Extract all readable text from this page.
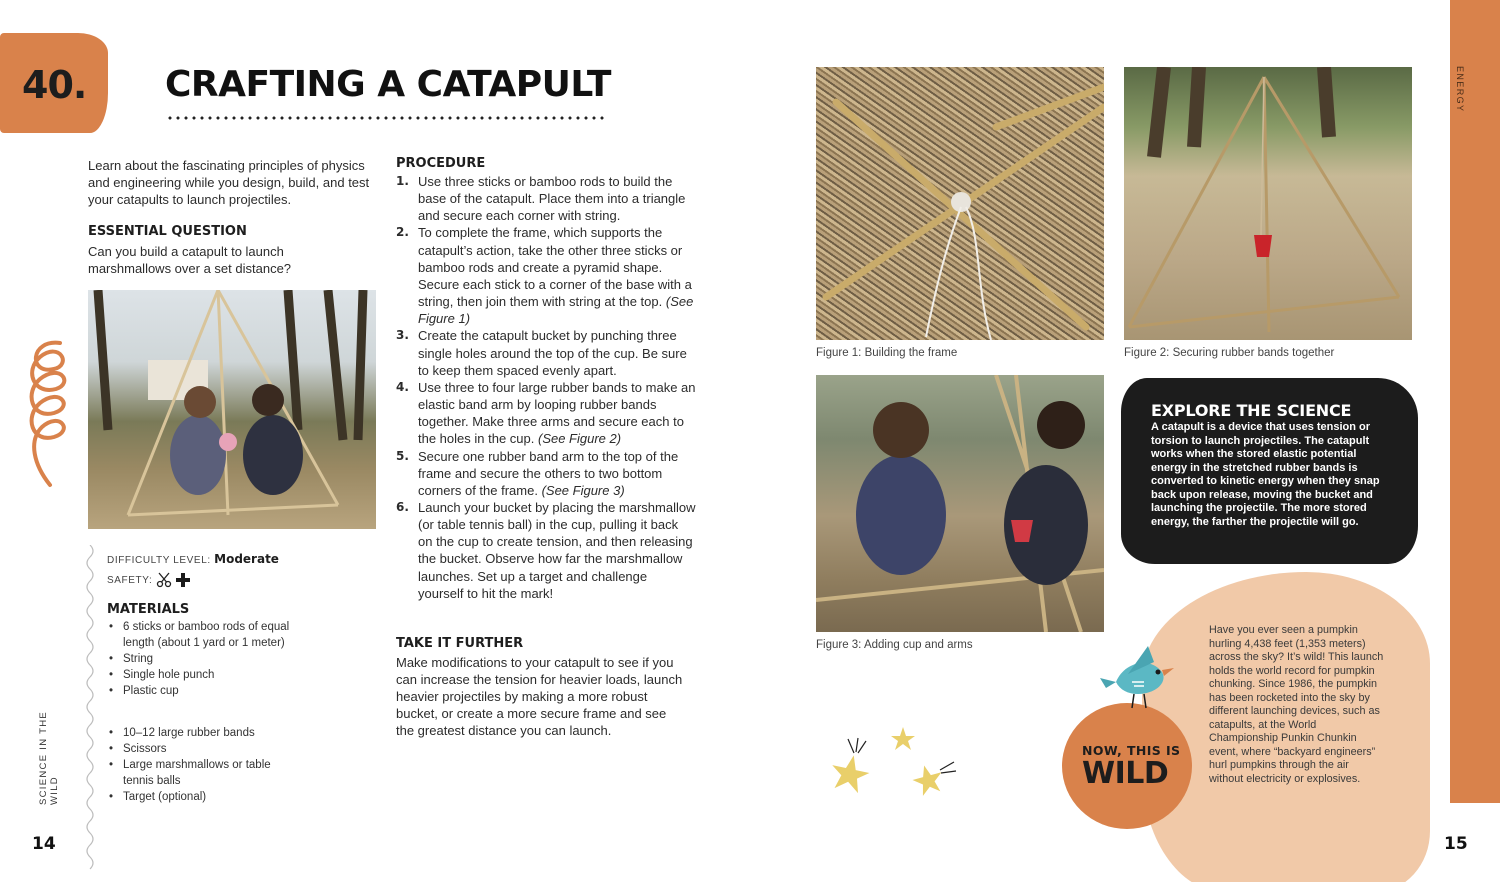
40. CRAFTING A CATAPULT
Learn about the fascinating principles of physics and engineering while you design, build, and test your catapults to launch projectiles.
ESSENTIAL QUESTION
Can you build a catapult to launch marshmallows over a set distance?
DIFFICULTY LEVEL: Moderate
SAFETY:
MATERIALS
• 6 sticks or bamboo rods of equal length (about 1 yard or 1 meter)
• String
• Single hole punch
• Plastic cup
• 10–12 large rubber bands
• Scissors
• Large marshmallows or table tennis balls
• Target (optional)
PROCEDURE
1. Use three sticks or bamboo rods to build the base of the catapult. Place them into a triangle and secure each corner with string.
2. To complete the frame, which supports the catapult’s action, take the other three sticks or bamboo rods and create a pyramid shape. Secure each stick to a corner of the base with a string, then join them with string at the top. (See Figure 1)
3. Create the catapult bucket by punching three single holes around the top of the cup. Be sure to keep them spaced evenly apart.
4. Use three to four large rubber bands to make an elastic band arm by looping rubber bands together. Make three arms and secure each to the holes in the cup. (See Figure 2)
5. Secure one rubber band arm to the top of the frame and secure the others to two bottom corners of the frame. (See Figure 3)
6. Launch your bucket by placing the marshmallow (or table tennis ball) in the cup, pulling it back on the cup to create tension, and then releasing the bucket. Observe how far the marshmallow launches. Set up a target and challenge yourself to hit the mark!
TAKE IT FURTHER
Make modifications to your catapult to see if you can increase the tension for heavier loads, launch heavier projectiles by making a more robust bucket, or create a more secure frame and see the greatest distance you can launch.
Figure 1: Building the frame	Figure 2: Securing rubber bands together
Figure 3: Adding cup and arms
EXPLORE THE SCIENCE
A catapult is a device that uses tension or torsion to launch projectiles. The catapult works when the stored elastic potential energy in the stretched rubber bands is converted to kinetic energy when they snap back upon release, moving the bucket and launching the projectile. The more stored energy, the farther the projectile will go.
Have you ever seen a pumpkin hurling 4,438 feet (1,353 meters) across the sky? It’s wild! This launch holds the world record for pumpkin chunking. Since 1986, the pumpkin has been rocketed into the sky by different launching devices, such as catapults, at the World Championship Punkin Chunkin event, where “backyard engineers” hurl pumpkins through the air without electricity or explosives.
NOW, THIS IS
WILD
ENERGY
SCIENCE IN THE WILD
14	15
